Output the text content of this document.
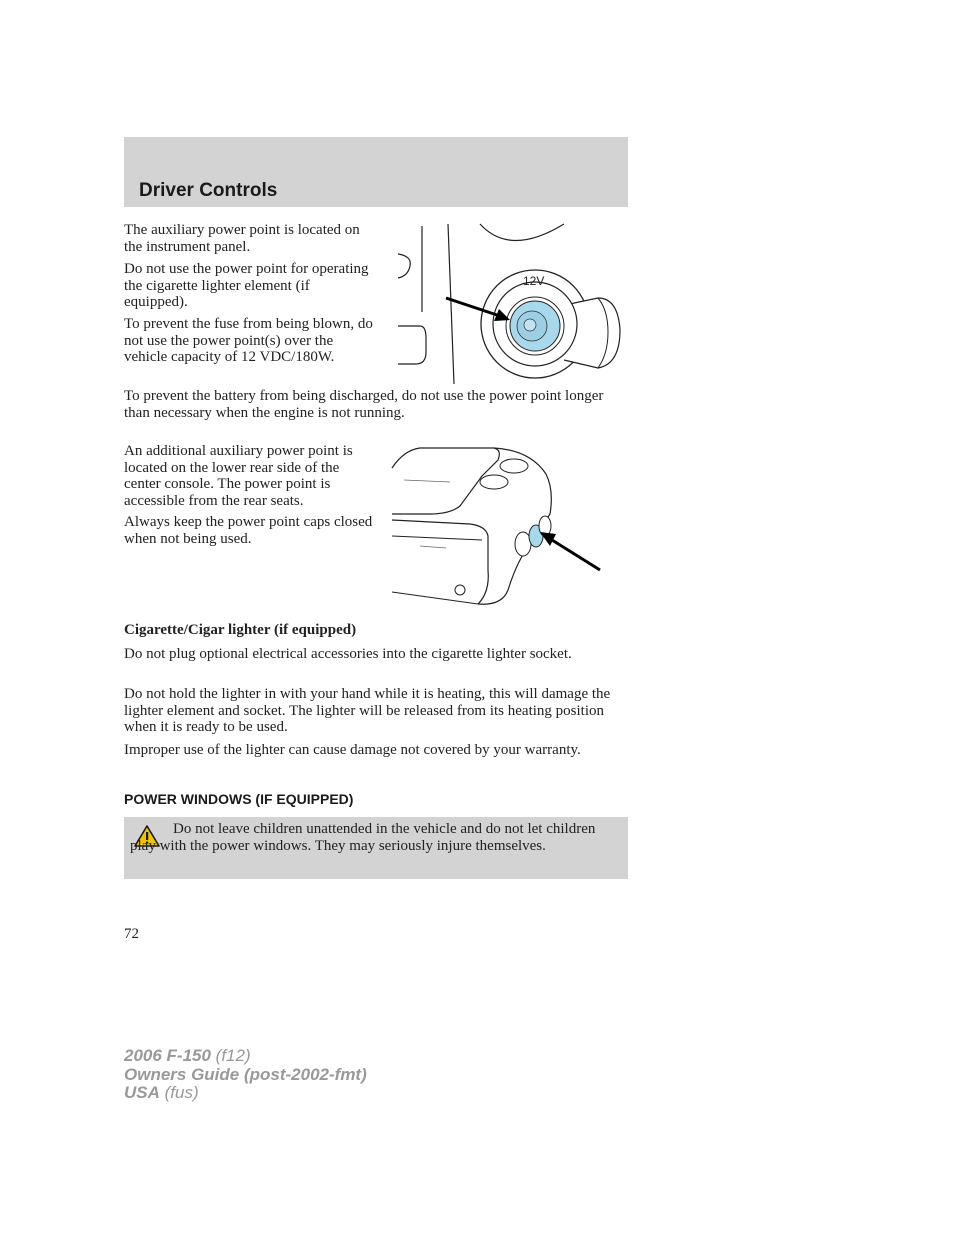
Driver Controls

The auxiliary power point is located on the instrument panel.

Do not use the power point for operating the cigarette lighter element (if equipped).

To prevent the fuse from being blown, do not use the power point(s) over the vehicle capacity of 12 VDC/180W.

To prevent the battery from being discharged, do not use the power point longer than necessary when the engine is not running.

An additional auxiliary power point is located on the lower rear side of the center console. The power point is accessible from the rear seats.

Always keep the power point caps closed when not being used.

Cigarette/Cigar lighter (if equipped)

Do not plug optional electrical accessories into the cigarette lighter socket.

Do not hold the lighter in with your hand while it is heating, this will damage the lighter element and socket. The lighter will be released from its heating position when it is ready to be used.

Improper use of the lighter can cause damage not covered by your warranty.

POWER WINDOWS (IF EQUIPPED)

Do not leave children unattended in the vehicle and do not let children play with the power windows. They may seriously injure themselves.

12V
72
2006 F-150 (f12)
Owners Guide (post-2002-fmt)
USA (fus)
